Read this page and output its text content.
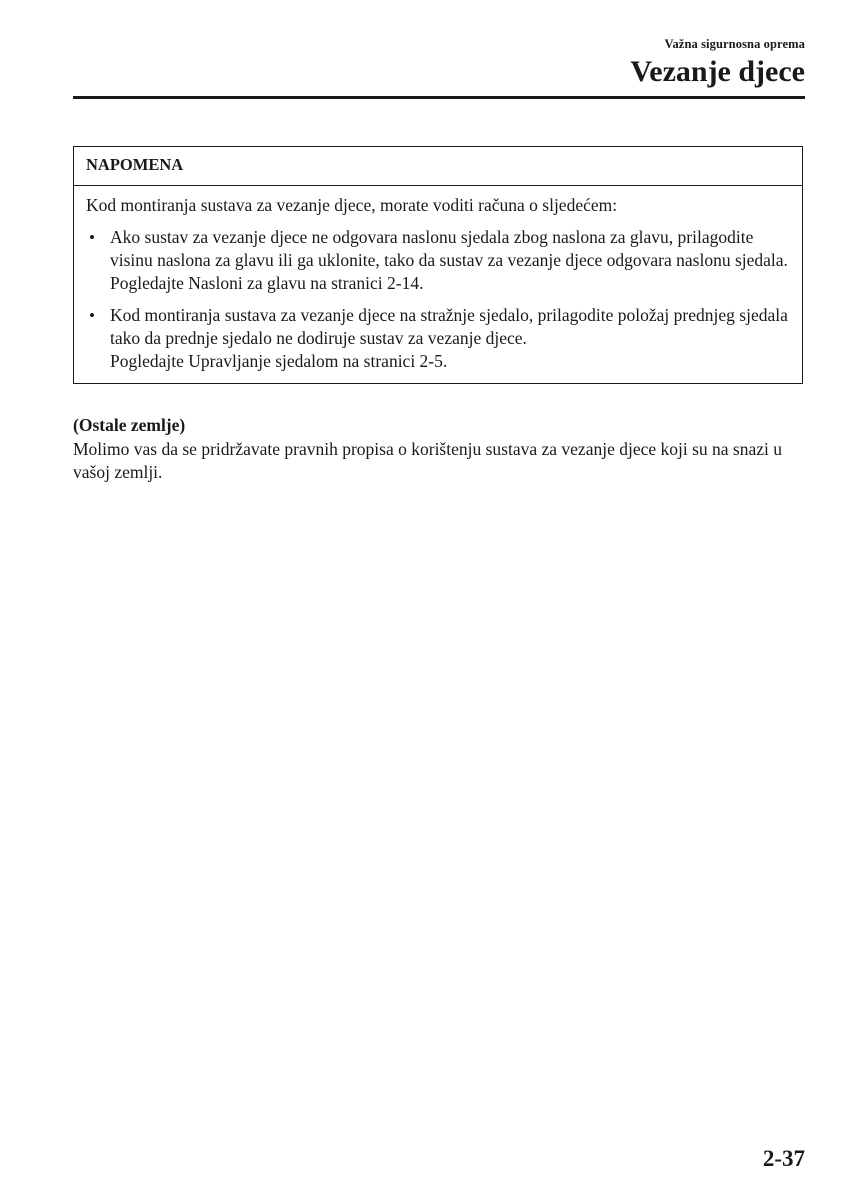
Važna sigurnosna oprema
Vezanje djece
NAPOMENA

Kod montiranja sustava za vezanje djece, morate voditi računa o sljedećem:

• Ako sustav za vezanje djece ne odgovara naslonu sjedala zbog naslona za glavu, prilagodite visinu naslona za glavu ili ga uklonite, tako da sustav za vezanje djece odgovara naslonu sjedala.
Pogledajte Nasloni za glavu na stranici 2-14.
• Kod montiranja sustava za vezanje djece na stražnje sjedalo, prilagodite položaj prednjeg sjedala tako da prednje sjedalo ne dodiruje sustav za vezanje djece.
Pogledajte Upravljanje sjedalom na stranici 2-5.
(Ostale zemlje)
Molimo vas da se pridržavate pravnih propisa o korištenju sustava za vezanje djece koji su na snazi u vašoj zemlji.
2-37
